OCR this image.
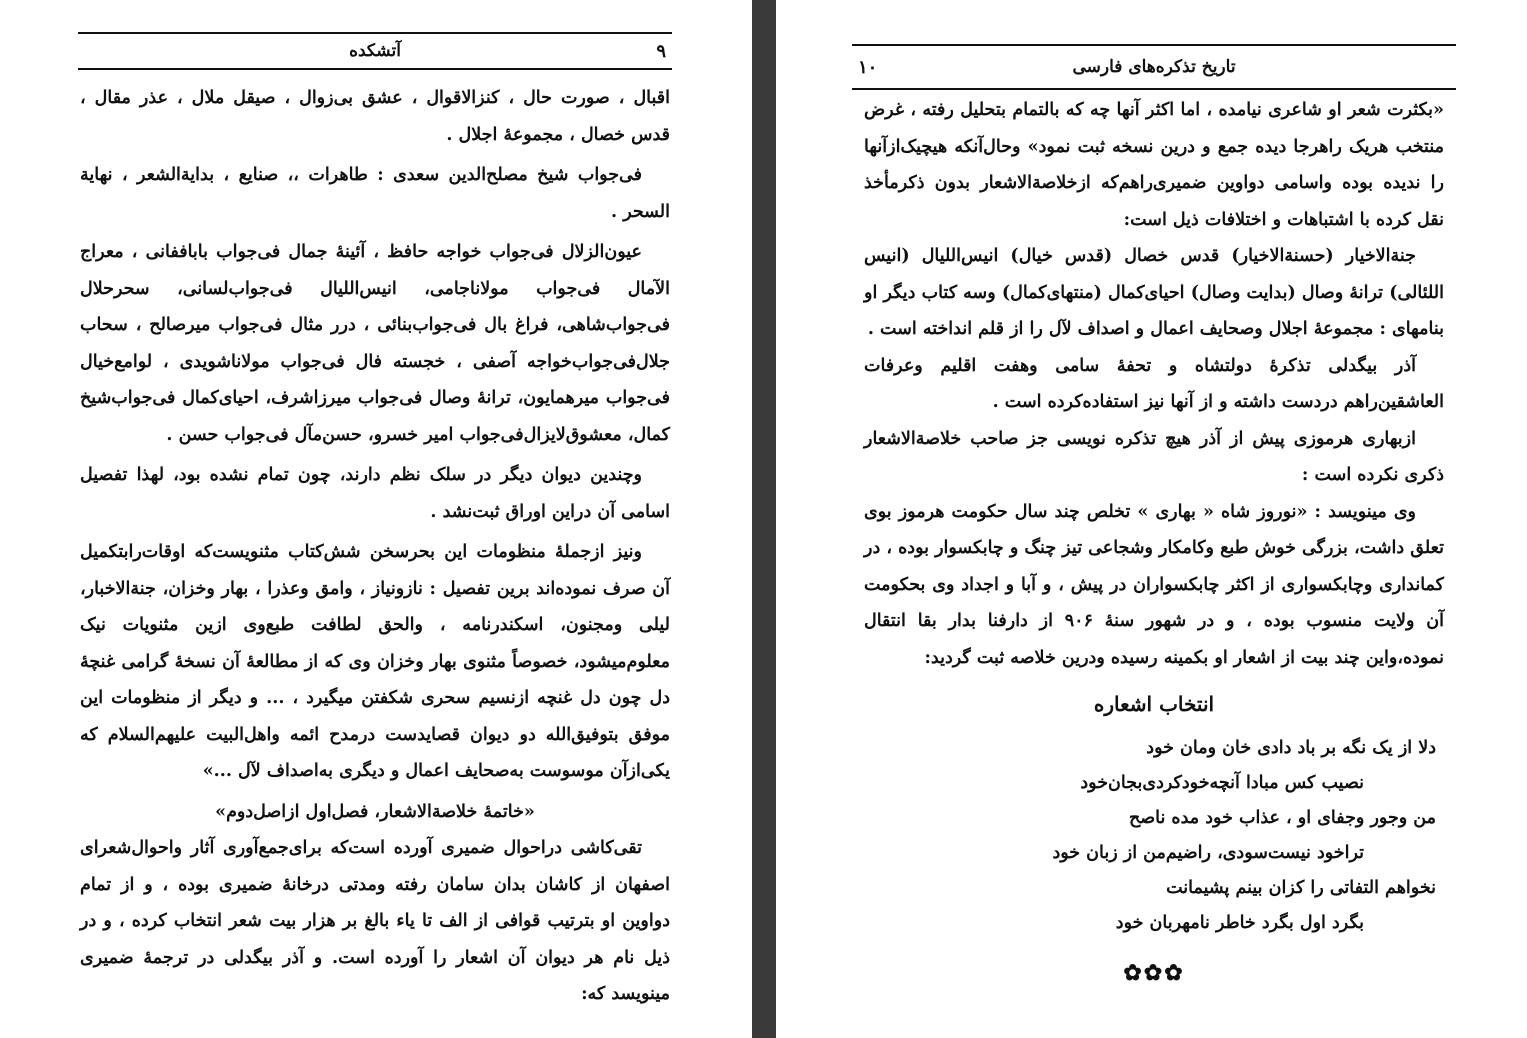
۹
آتشکده

اقبال ، صورت حال ، کنزالاقوال ، عشق بی‌زوال ، صیقل ملال ، عذر مقال ، قدس خصال ، مجموعهٔ اجلال .

فی‌جواب شیخ مصلح‌الدین سعدی : طاهرات ،، صنایع ، بدایةالشعر ، نهایة السحر .

عیون‌الزلال فی‌جواب خواجه حافظ ، آئینهٔ جمال فی‌جواب باباففانی ، معراج الآمال فی‌جواب مولاناجامی، انیس‌اللیال فی‌جواب‌لسانی، سحرحلال فی‌جواب‌شاهی، فراغ بال فی‌جواب‌بنائی ، درر مثال فی‌جواب میرصالح ، سحاب جلال‌فی‌جواب‌خواجه آصفی ، خجسته فال فی‌جواب مولاناشویدی ، لوامع‌خیال فی‌جواب میرهمایون، ترانهٔ وصال فی‌جواب میرزاشرف، احیای‌کمال فی‌جواب‌شیخ کمال، معشوق‌لایزال‌فی‌جواب امیر خسرو، حسن‌مآل فی‌جواب حسن .

وچندین دیوان دیگر در سلک نظم دارند، چون تمام نشده بود، لهذا تفصیل اسامی آن دراین اوراق ثبت‌نشد .

ونیز ازجملهٔ منظومات این بحرسخن شش‌کتاب مثنویست‌که اوقات‌رابتکمیل آن صرف نموده‌اند برین تفصیل : نازونیاز ، وامق وعذرا ، بهار وخزان، جنةالاخبار، لیلی ومجنون، اسکندرنامه ، والحق لطافت طبع‌وی ازین مثنویات نیک معلوم‌میشود، خصوصاً مثنوی بهار وخزان وی که از مطالعهٔ آن نسخهٔ گرامی غنچهٔ دل چون دل غنچه ازنسیم سحری شکفتن میگیرد ، ... و دیگر از منظومات این موفق بتوفیق‌الله دو دیوان قصایدست درمدح ائمه واهل‌البیت علیهم‌السلام که یکی‌ازآن موسوست به‌صحایف اعمال و دیگری به‌اصداف لآل ...»

«خاتمهٔ خلاصةالاشعار، فصل‌اول ازاصل‌دوم»

تقی‌کاشی دراحوال ضمیری آورده است‌که برای‌جمع‌آوری آثار واحوال‌شعرای اصفهان از کاشان بدان سامان رفته ومدتی درخانهٔ ضمیری بوده ، و از تمام دواوین او بترتیب قوافی از الف تا یاء بالغ بر هزار بیت شعر انتخاب کرده ، و در ذیل نام هر دیوان آن اشعار را آورده است. و آذر بیگدلی در ترجمهٔ ضمیری مینویسد که:

تاریخ تذکره‌های فارسی
۱۰

«بکثرت شعر او شاعری نیامده ، اما اکثر آنها چه که بالتمام بتحلیل رفته ، غرض منتخب هریک راهرجا دیده جمع و درین نسخه ثبت نمود» وحال‌آنکه هیچیک‌ازآنها را ندیده بوده واسامی دواوین ضمیری‌راهم‌که ازخلاصةالاشعار بدون ذکرمأخذ نقل کرده با اشتباهات و اختلافات ذیل است:

جنةالاخیار (حسنةالاخیار) قدس خصال (قدس خیال) انیس‌اللیال (انیس اللئالی) ترانهٔ وصال (بدایت وصال) احیای‌کمال (منتهای‌کمال) وسه کتاب دیگر او بنامهای : مجموعهٔ اجلال وصحایف اعمال و اصداف لآل را از قلم انداخته است .

آذر بیگدلی تذکرهٔ دولتشاه و تحفهٔ سامی وهفت اقلیم وعرفات العاشقین‌راهم دردست داشته و از آنها نیز استفاده‌کرده است .

ازبهاری هرموزی پیش از آذر هیچ تذکره نویسی جز صاحب خلاصةالاشعار ذکری نکرده است :

وی مینویسد : «نوروز شاه « بهاری » تخلص چند سال حکومت هرموز بوی تعلق داشت، بزرگی خوش طبع وکامکار وشجاعی تیز چنگ و چابکسوار بوده ، در کمانداری وچابکسواری از اکثر چابکسواران در پیش ، و آبا و اجداد وی بحکومت آن ولایت منسوب بوده ، و در شهور سنهٔ ۹۰۶ از دارفنا بدار بقا انتقال نموده،واین چند بیت از اشعار او بکمینه رسیده ودرین خلاصه ثبت گردید:

انتخاب اشعاره

دلا از یک نگه بر باد دادی خان ومان خود

نصیب کس مبادا آنچه‌خودکردی‌بجان‌خود

من وجور وجفای او ، عذاب خود مده ناصح

تراخود نیست‌سودی، راضیم‌من از زبان خود

نخواهم التفاتی را کزان بینم پشیمانت

بگرد اول بگرد خاطر نامهربان خود

✿✿✿
